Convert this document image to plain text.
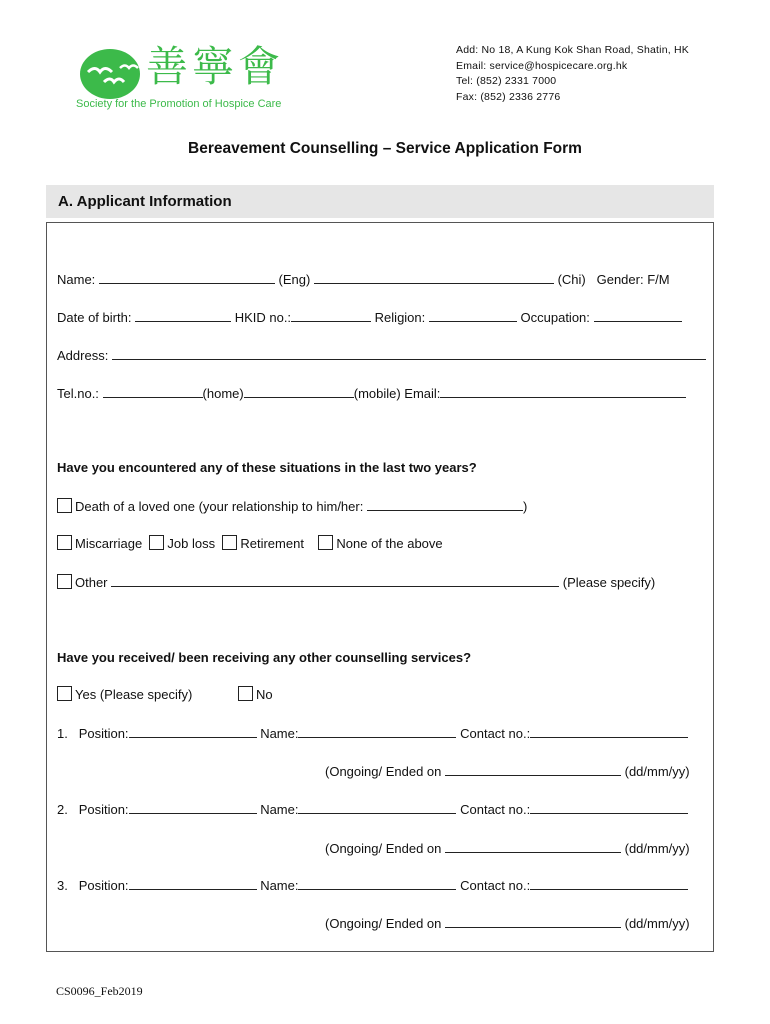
善寧會
Society for the Promotion of Hospice Care
Add: No 18, A Kung Kok Shan Road, Shatin, HK
Email: service@hospicecare.org.hk
Tel: (852) 2331 7000
Fax: (852) 2336 2776
Bereavement Counselling – Service Application Form
A. Applicant Information
Name:	(Eng)	(Chi) Gender: F/M
Date of birth:	HKID no.:	Religion:	Occupation:
Address:
Tel.no.:	(home)	(mobile) Email:
Have you encountered any of these situations in the last two years?
Death of a loved one (your relationship to him/her:	)
Miscarriage Job loss Retirement None of the above
Other	(Please specify)
Have you received/ been receiving any other counselling services?
Yes (Please specify)	No
1. Position:	Name:	Contact no.:
(Ongoing/ Ended on	(dd/mm/yy)
2. Position:	Name:	Contact no.:
(Ongoing/ Ended on	(dd/mm/yy)
3. Position:	Name:	Contact no.:
(Ongoing/ Ended on	(dd/mm/yy)
CS0096_Feb2019
